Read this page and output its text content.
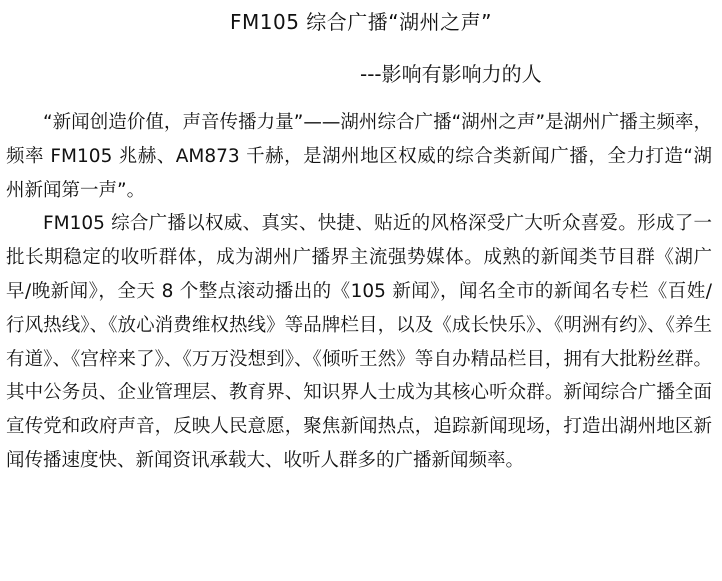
FM105 综合广播“湖州之声”
---影响有影响力的人

“新闻创造价值，声音传播力量”——湖州综合广播“湖州之声”是湖州广播主频率，频率 FM105 兆赫、AM873 千赫，是湖州地区权威的综合类新闻广播，全力打造“湖州新闻第一声”。

FM105 综合广播以权威、真实、快捷、贴近的风格深受广大听众喜爱。形成了一批长期稳定的收听群体，成为湖州广播界主流强势媒体。成熟的新闻类节目群《湖广早/晚新闻》，全天 8 个整点滚动播出的《105 新闻》，闻名全市的新闻名专栏《百姓/行风热线》、《放心消费维权热线》等品牌栏目，以及《成长快乐》、《明洲有约》、《养生有道》、《宫梓来了》、《万万没想到》、《倾听王然》等自办精品栏目，拥有大批粉丝群。其中公务员、企业管理层、教育界、知识界人士成为其核心听众群。新闻综合广播全面宣传党和政府声音，反映人民意愿，聚焦新闻热点，追踪新闻现场，打造出湖州地区新闻传播速度快、新闻资讯承载大、收听人群多的广播新闻频率。
